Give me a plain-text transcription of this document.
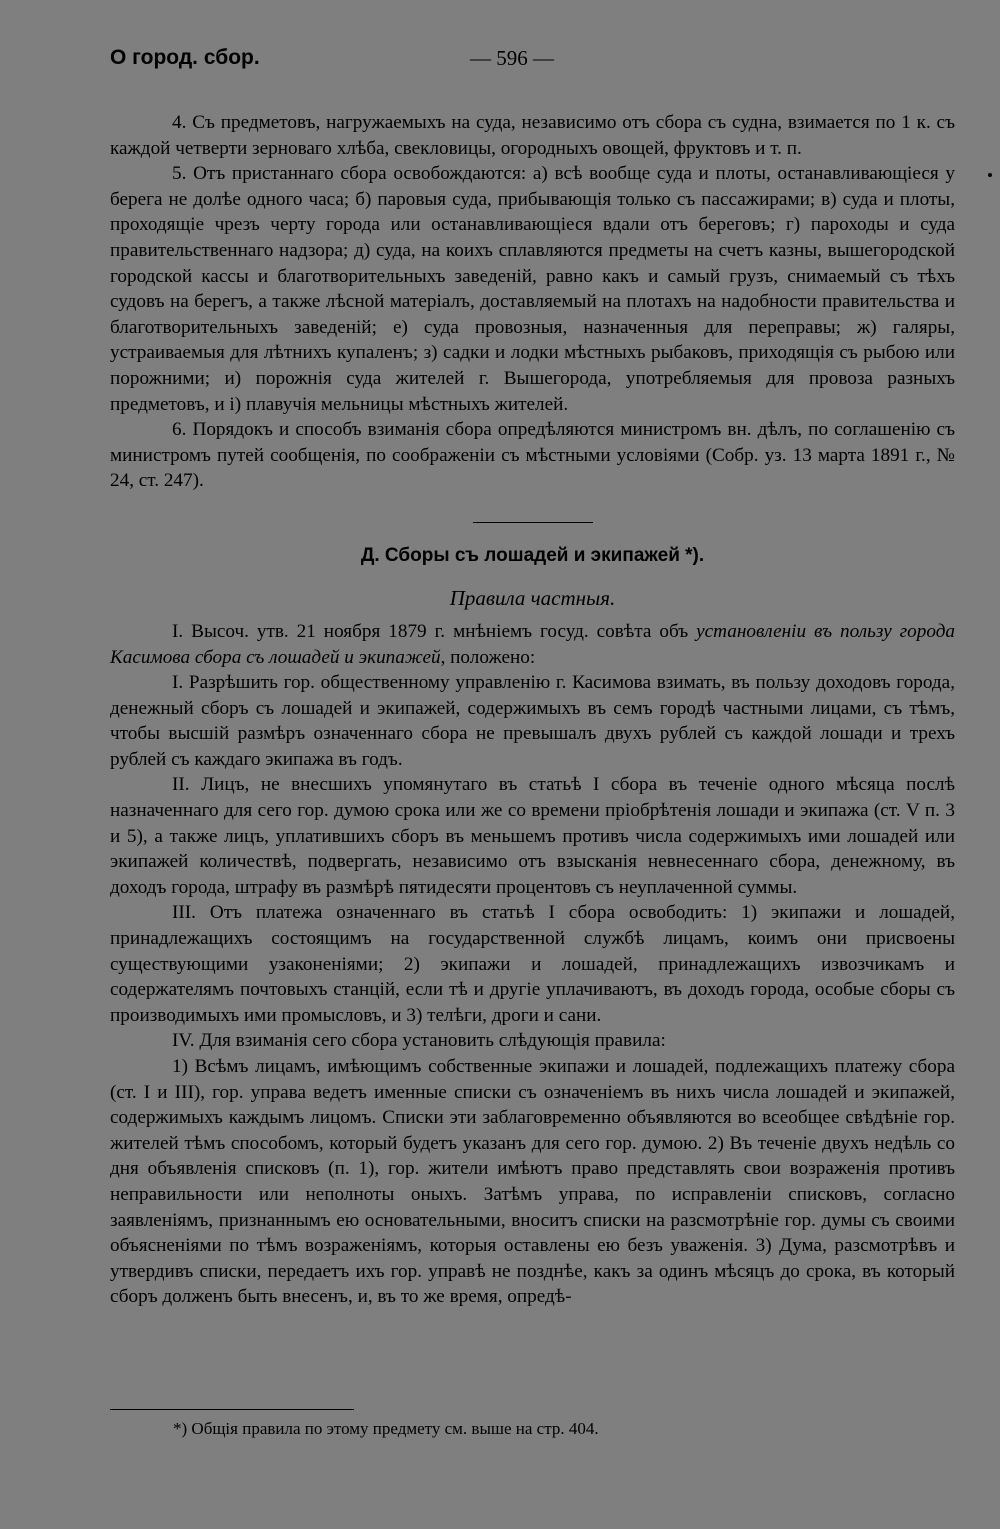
О город. сбор.	— 596 —

4. Съ предметовъ, нагружаемыхъ на суда, независимо отъ сбора съ судна, взимается по 1 к. съ каждой четверти зерноваго хлѣба, свекловицы, огородныхъ овощей, фруктовъ и т. п.

5. Отъ пристаннаго сбора освобождаются: а) всѣ вообще суда и плоты, останавливающіеся у берега не долѣе одного часа; б) паровыя суда, прибывающія только съ пассажирами; в) суда и плоты, проходящіе чрезъ черту города или останавливающіеся вдали отъ береговъ; г) пароходы и суда правительственнаго надзора; д) суда, на коихъ сплавляются предметы на счетъ казны, вышегородской городской кассы и благотворительныхъ заведеній, равно какъ и самый грузъ, снимаемый съ тѣхъ судовъ на берегъ, а также лѣсной матеріалъ, доставляемый на плотахъ на надобности правительства и благотворительныхъ заведеній; е) суда провозныя, назначенныя для переправы; ж) галяры, устраиваемыя для лѣтнихъ купаленъ; з) садки и лодки мѣстныхъ рыбаковъ, приходящія съ рыбою или порожними; и) порожнія суда жителей г. Вышегорода, употребляемыя для провоза разныхъ предметовъ, и і) плавучія мельницы мѣстныхъ жителей.

6. Порядокъ и способъ взиманія сбора опредѣляются министромъ вн. дѣлъ, по соглашенію съ министромъ путей сообщенія, по соображеніи съ мѣстными условіями (Собр. уз. 13 марта 1891 г., № 24, ст. 247).

Д. Сборы съ лошадей и экипажей *).
Правила частныя.

I. Высоч. утв. 21 ноября 1879 г. мнѣніемъ госуд. совѣта объ установленіи въ пользу города Касимова сбора съ лошадей и экипажей, положено:

I. Разрѣшить гор. общественному управленію г. Касимова взимать, въ пользу доходовъ города, денежный сборъ съ лошадей и экипажей, содержимыхъ въ семъ городѣ частными лицами, съ тѣмъ, чтобы высшій размѣръ означеннаго сбора не превышалъ двухъ рублей съ каждой лошади и трехъ рублей съ каждаго экипажа въ годъ.

II. Лицъ, не внесшихъ упомянутаго въ статьѣ I сбора въ теченіе одного мѣсяца послѣ назначеннаго для сего гор. думою срока или же со времени пріобрѣтенія лошади и экипажа (ст. V п. 3 и 5), а также лицъ, уплатившихъ сборъ въ меньшемъ противъ числа содержимыхъ ими лошадей или экипажей количествѣ, подвергать, независимо отъ взысканія невнесеннаго сбора, денежному, въ доходъ города, штрафу въ размѣрѣ пятидесяти процентовъ съ неуплаченной суммы.

III. Отъ платежа означеннаго въ статьѣ I сбора освободить: 1) экипажи и лошадей, принадлежащихъ состоящимъ на государственной службѣ лицамъ, коимъ они присвоены существующими узаконеніями; 2) экипажи и лошадей, принадлежащихъ извозчикамъ и содержателямъ почтовыхъ станцій, если тѣ и другіе уплачиваютъ, въ доходъ города, особые сборы съ производимыхъ ими промысловъ, и 3) телѣги, дроги и сани.

IV. Для взиманія сего сбора установить слѣдующія правила:

1) Всѣмъ лицамъ, имѣющимъ собственные экипажи и лошадей, подлежащихъ платежу сбора (ст. I и III), гор. управа ведетъ именные списки съ означеніемъ въ нихъ числа лошадей и экипажей, содержимыхъ каждымъ лицомъ. Списки эти заблаговременно объявляются во всеобщее свѣдѣніе гор. жителей тѣмъ способомъ, который будетъ указанъ для сего гор. думою. 2) Въ теченіе двухъ недѣль со дня объявленія списковъ (п. 1), гор. жители имѣютъ право представлять свои возраженія противъ неправильности или неполноты оныхъ. Затѣмъ управа, по исправленіи списковъ, согласно заявленіямъ, признаннымъ ею основательными, вноситъ списки на разсмотрѣніе гор. думы съ своими объясненіями по тѣмъ возраженіямъ, которыя оставлены ею безъ уваженія. 3) Дума, разсмотрѣвъ и утвердивъ списки, передаетъ ихъ гор. управѣ не позднѣе, какъ за одинъ мѣсяцъ до срока, въ который сборъ долженъ быть внесенъ, и, въ то же время, опредѣ-

*) Общія правила по этому предмету см. выше на стр. 404.
